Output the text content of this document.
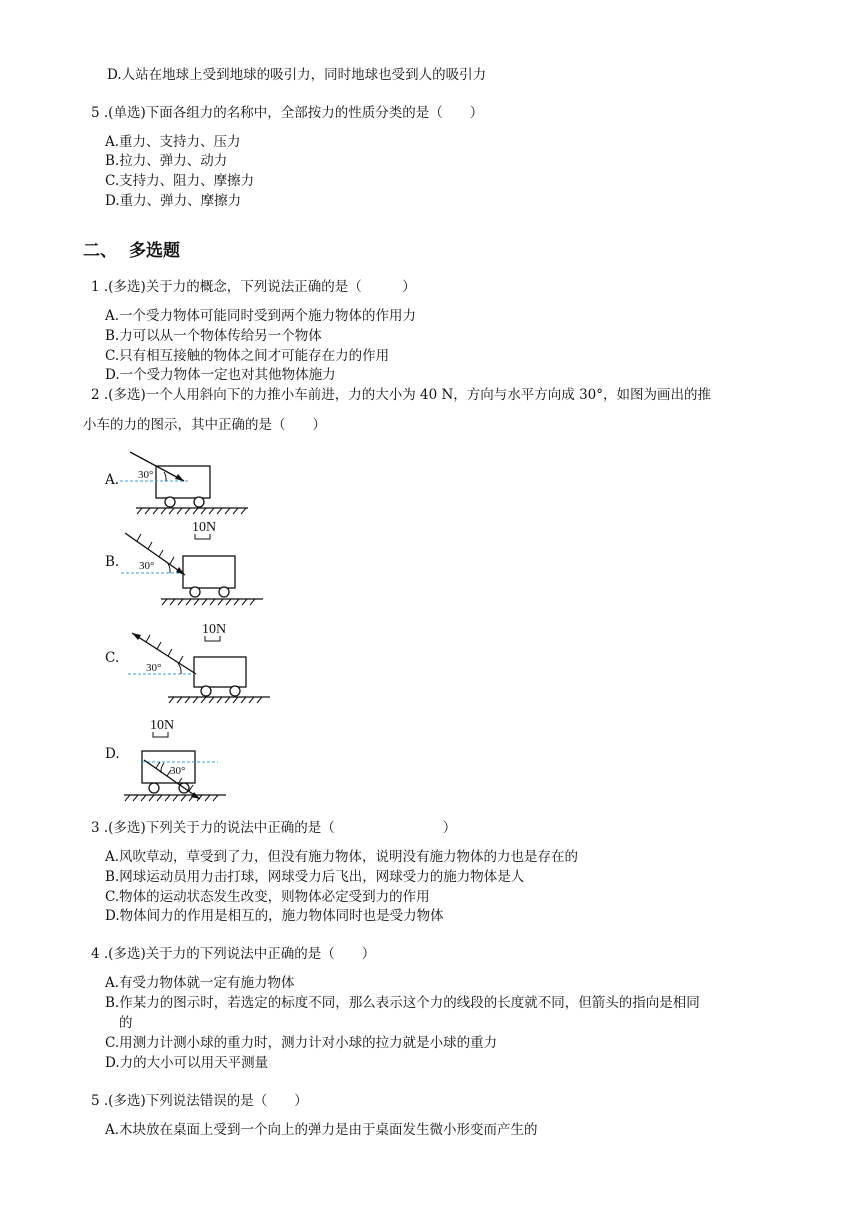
D.人站在地球上受到地球的吸引力，同时地球也受到人的吸引力
5 .(单选)下面各组力的名称中，全部按力的性质分类的是（　　）
A.重力、支持力、压力
B.拉力、弹力、动力
C.支持力、阻力、摩擦力
D.重力、弹力、摩擦力
二、 多选题
1 .(多选)关于力的概念，下列说法正确的是（　　　）
A.一个受力物体可能同时受到两个施力物体的作用力
B.力可以从一个物体传给另一个物体
C.只有相互接触的物体之间才可能存在力的作用
D.一个受力物体一定也对其他物体施力
2 .(多选)一个人用斜向下的力推小车前进，力的大小为 40 N，方向与水平方向成 30°，如图为画出的推
小车的力的图示，其中正确的是（　　）
A. 30°
B.
10N
30°
C.
10N
30°
D.
10N
30°
3 .(多选)下列关于力的说法中正确的是（　　　　　　　　）
A.风吹草动，草受到了力，但没有施力物体，说明没有施力物体的力也是存在的
B.网球运动员用力击打球，网球受力后飞出，网球受力的施力物体是人
C.物体的运动状态发生改变，则物体必定受到力的作用
D.物体间力的作用是相互的，施力物体同时也是受力物体
4 .(多选)关于力的下列说法中正确的是（　　）
A.有受力物体就一定有施力物体
B.作某力的图示时，若选定的标度不同，那么表示这个力的线段的长度就不同，但箭头的指向是相同
的
C.用测力计测小球的重力时，测力计对小球的拉力就是小球的重力
D.力的大小可以用天平测量
5 .(多选)下列说法错误的是（　　）
A.木块放在桌面上受到一个向上的弹力是由于桌面发生微小形变而产生的
